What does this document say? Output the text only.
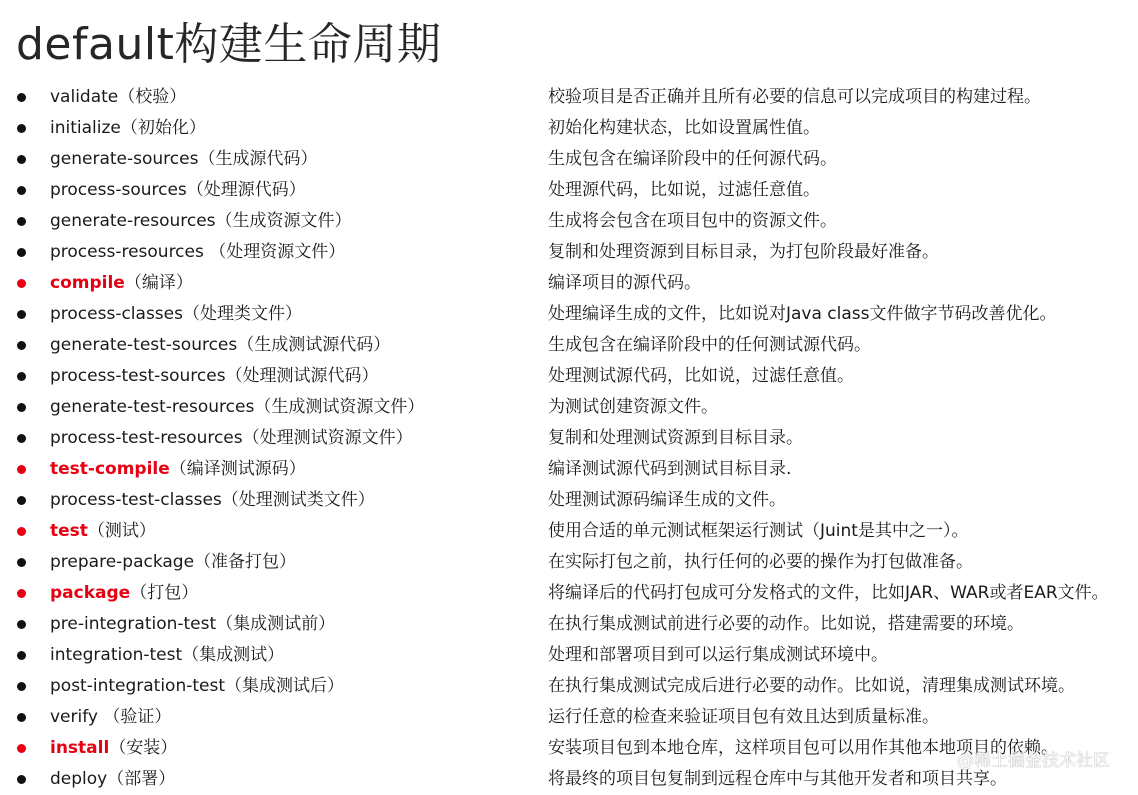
default构建生命周期
validate（校验）	校验项目是否正确并且所有必要的信息可以完成项目的构建过程。
initialize（初始化）	初始化构建状态，比如设置属性值。
generate-sources（生成源代码）	生成包含在编译阶段中的任何源代码。
process-sources（处理源代码）	处理源代码，比如说，过滤任意值。
generate-resources（生成资源文件）	生成将会包含在项目包中的资源文件。
process-resources （处理资源文件）	复制和处理资源到目标目录，为打包阶段最好准备。
compile（编译）	编译项目的源代码。
process-classes（处理类文件）	处理编译生成的文件，比如说对Java class文件做字节码改善优化。
generate-test-sources（生成测试源代码）	生成包含在编译阶段中的任何测试源代码。
process-test-sources（处理测试源代码）	处理测试源代码，比如说，过滤任意值。
generate-test-resources（生成测试资源文件）	为测试创建资源文件。
process-test-resources（处理测试资源文件）	复制和处理测试资源到目标目录。
test-compile（编译测试源码）	编译测试源代码到测试目标目录.
process-test-classes（处理测试类文件）	处理测试源码编译生成的文件。
test（测试）	使用合适的单元测试框架运行测试（Juint是其中之一）。
prepare-package（准备打包）	在实际打包之前，执行任何的必要的操作为打包做准备。
package（打包）	将编译后的代码打包成可分发格式的文件，比如JAR、WAR或者EAR文件。
pre-integration-test（集成测试前）	在执行集成测试前进行必要的动作。比如说，搭建需要的环境。
integration-test（集成测试）	处理和部署项目到可以运行集成测试环境中。
post-integration-test（集成测试后）	在执行集成测试完成后进行必要的动作。比如说，清理集成测试环境。
verify （验证）	运行任意的检查来验证项目包有效且达到质量标准。
install（安装）	安装项目包到本地仓库，这样项目包可以用作其他本地项目的依赖。
deploy（部署）	将最终的项目包复制到远程仓库中与其他开发者和项目共享。
@稀土掘金技术社区
